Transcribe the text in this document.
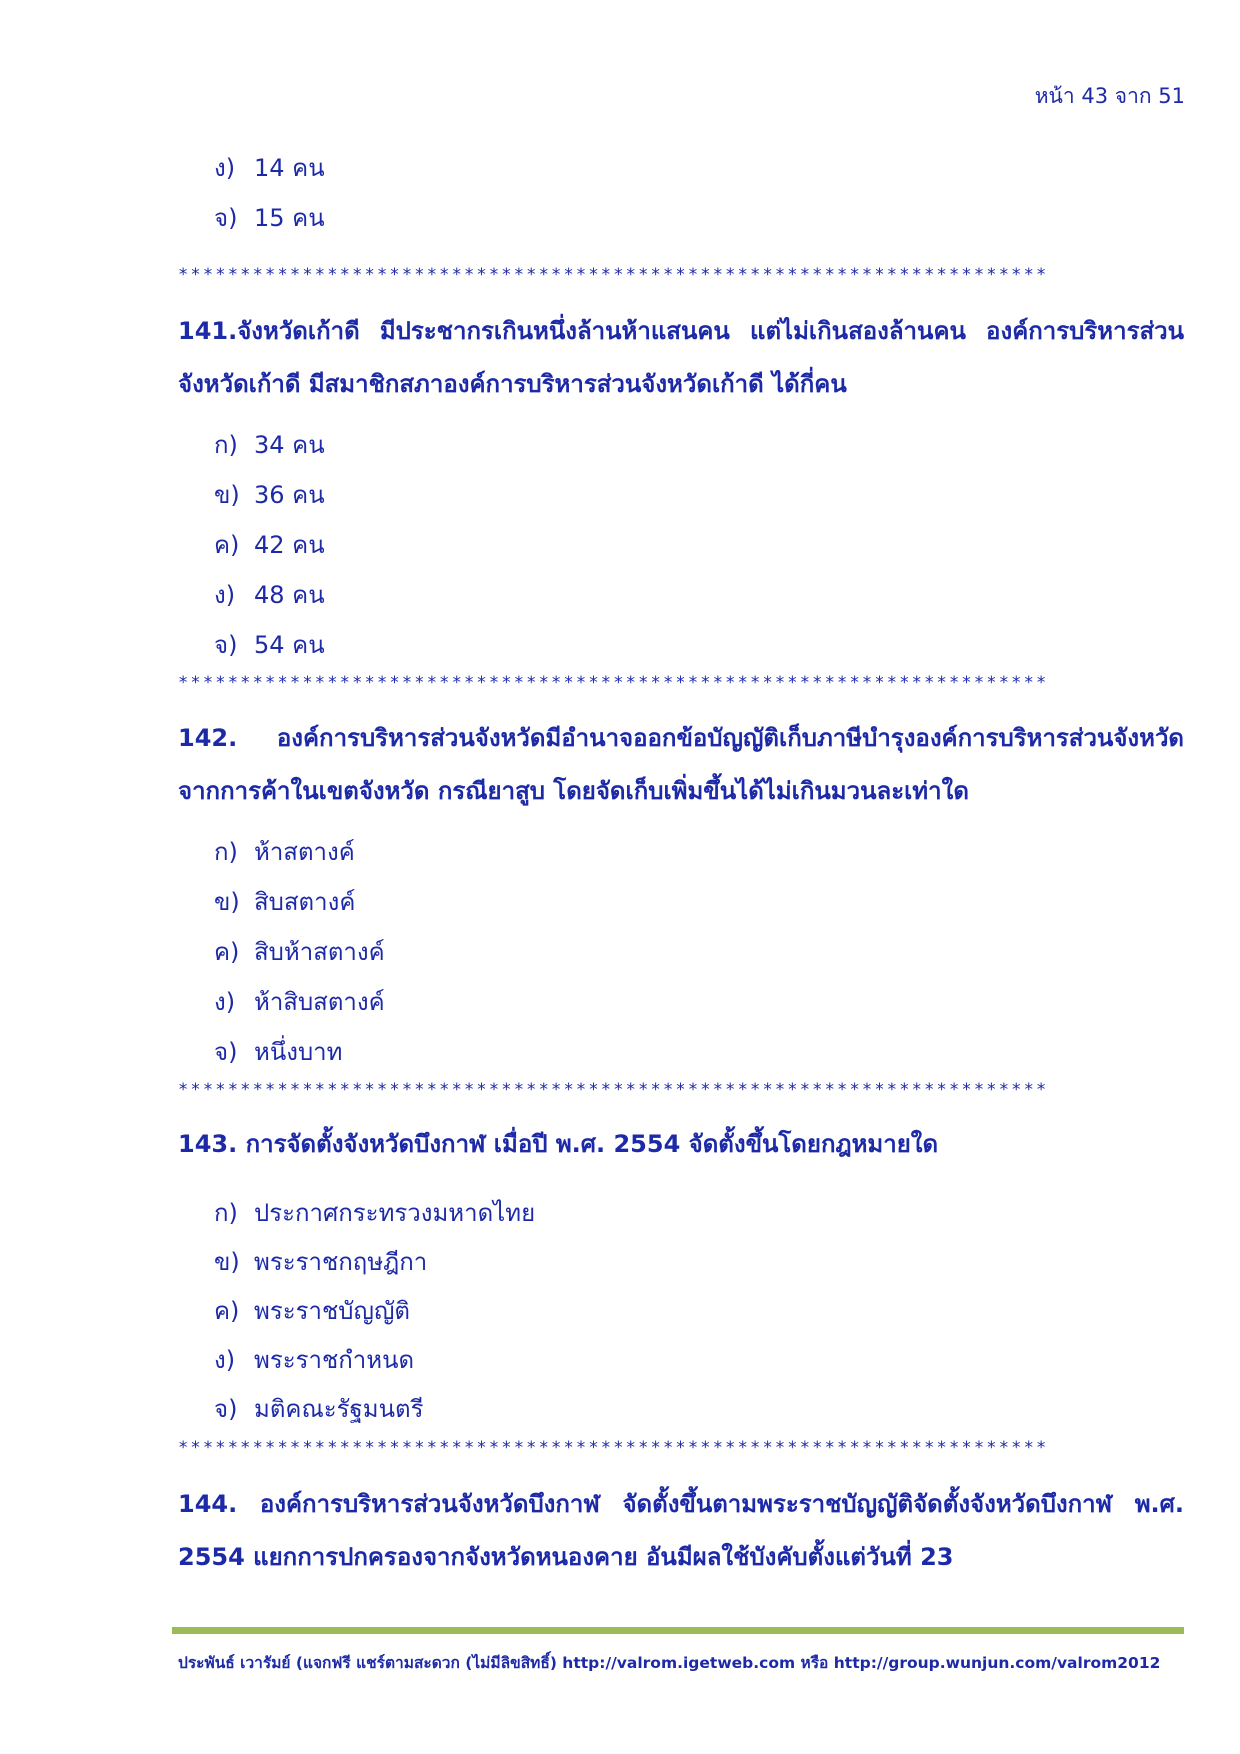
หน้า 43 จาก 51
ง) 14 คน
จ) 15 คน
**********************************************************************
141.จังหวัดเก้าดี มีประชากรเกินหนึ่งล้านห้าแสนคน แต่ไม่เกินสองล้านคน องค์การบริหารส่วนจังหวัดเก้าดี มีสมาชิกสภาองค์การบริหารส่วนจังหวัดเก้าดี ได้กี่คน
ก) 34 คน
ข) 36 คน
ค) 42 คน
ง) 48 คน
จ) 54 คน
**********************************************************************
142. องค์การบริหารส่วนจังหวัดมีอำนาจออกข้อบัญญัติเก็บภาษีบำรุงองค์การบริหารส่วนจังหวัดจากการค้าในเขตจังหวัด กรณียาสูบ โดยจัดเก็บเพิ่มขึ้นได้ไม่เกินมวนละเท่าใด
ก) ห้าสตางค์
ข) สิบสตางค์
ค) สิบห้าสตางค์
ง) ห้าสิบสตางค์
จ) หนึ่งบาท
**********************************************************************
143. การจัดตั้งจังหวัดบึงกาฬ เมื่อปี พ.ศ. 2554 จัดตั้งขึ้นโดยกฎหมายใด
ก) ประกาศกระทรวงมหาดไทย
ข) พระราชกฤษฎีกา
ค) พระราชบัญญัติ
ง) พระราชกำหนด
จ) มติคณะรัฐมนตรี
**********************************************************************
144. องค์การบริหารส่วนจังหวัดบึงกาฬ จัดตั้งขึ้นตามพระราชบัญญัติจัดตั้งจังหวัดบึงกาฬ พ.ศ. 2554 แยกการปกครองจากจังหวัดหนองคาย อันมีผลใช้บังคับตั้งแต่วันที่ 23
ประพันธ์ เวารัมย์ (แจกฟรี แชร์ตามสะดวก (ไม่มีลิขสิทธิ์) http://valrom.igetweb.com หรือ http://group.wunjun.com/valrom2012
